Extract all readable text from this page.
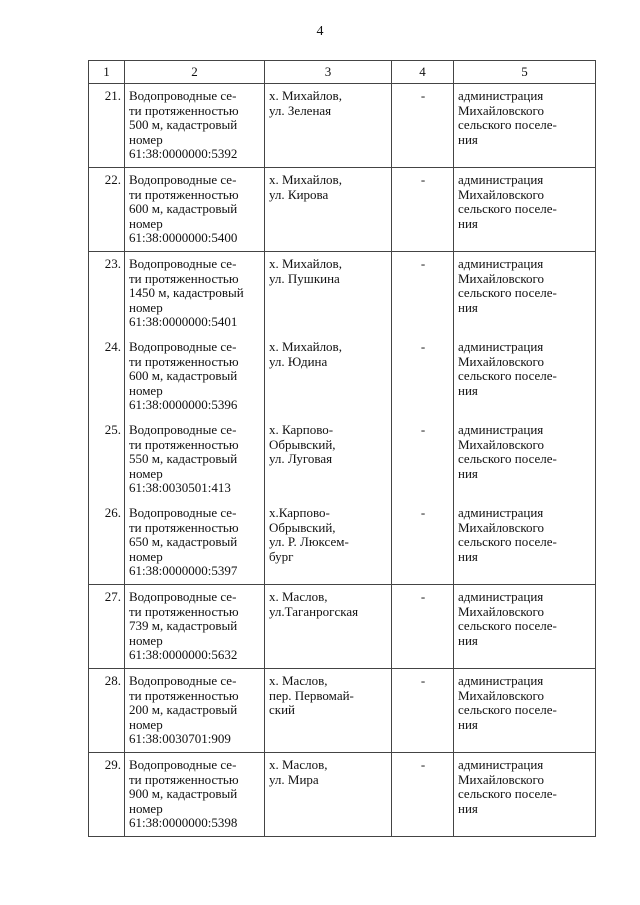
4
1	2	3	4	5
21.	Водопроводные се-
ти протяженностью
500 м, кадастровый
номер
61:38:0000000:5392	х. Михайлов,
ул. Зеленая	-	администрация
Михайловского
сельского поселе-
ния

22.	Водопроводные се-
ти протяженностью
600 м, кадастровый
номер
61:38:0000000:5400	х. Михайлов,
ул. Кирова	-	администрация
Михайловского
сельского поселе-
ния

23.	Водопроводные се-
ти протяженностью
1450 м, кадастровый
номер
61:38:0000000:5401	х. Михайлов,
ул. Пушкина	-	администрация
Михайловского
сельского поселе-
ния

24.	Водопроводные се-
ти протяженностью
600 м, кадастровый
номер
61:38:0000000:5396	х. Михайлов,
ул. Юдина	-	администрация
Михайловского
сельского поселе-
ния

25.	Водопроводные се-
ти протяженностью
550 м, кадастровый
номер
61:38:0030501:413	х. Карпово-
Обрывский,
ул. Луговая	-	администрация
Михайловского
сельского поселе-
ния

26.	Водопроводные се-
ти протяженностью
650 м, кадастровый
номер
61:38:0000000:5397	х.Карпово-
Обрывский,
ул. Р. Люксем-
бург	-	администрация
Михайловского
сельского поселе-
ния

27.	Водопроводные се-
ти протяженностью
739 м, кадастровый
номер
61:38:0000000:5632	х. Маслов,
ул.Таганрогская	-	администрация
Михайловского
сельского поселе-
ния

28.	Водопроводные се-
ти протяженностью
200 м, кадастровый
номер
61:38:0030701:909	х. Маслов,
пер. Первомай-
ский	-	администрация
Михайловского
сельского поселе-
ния

29.	Водопроводные се-
ти протяженностью
900 м, кадастровый
номер
61:38:0000000:5398	х. Маслов,
ул. Мира	-	администрация
Михайловского
сельского поселе-
ния
